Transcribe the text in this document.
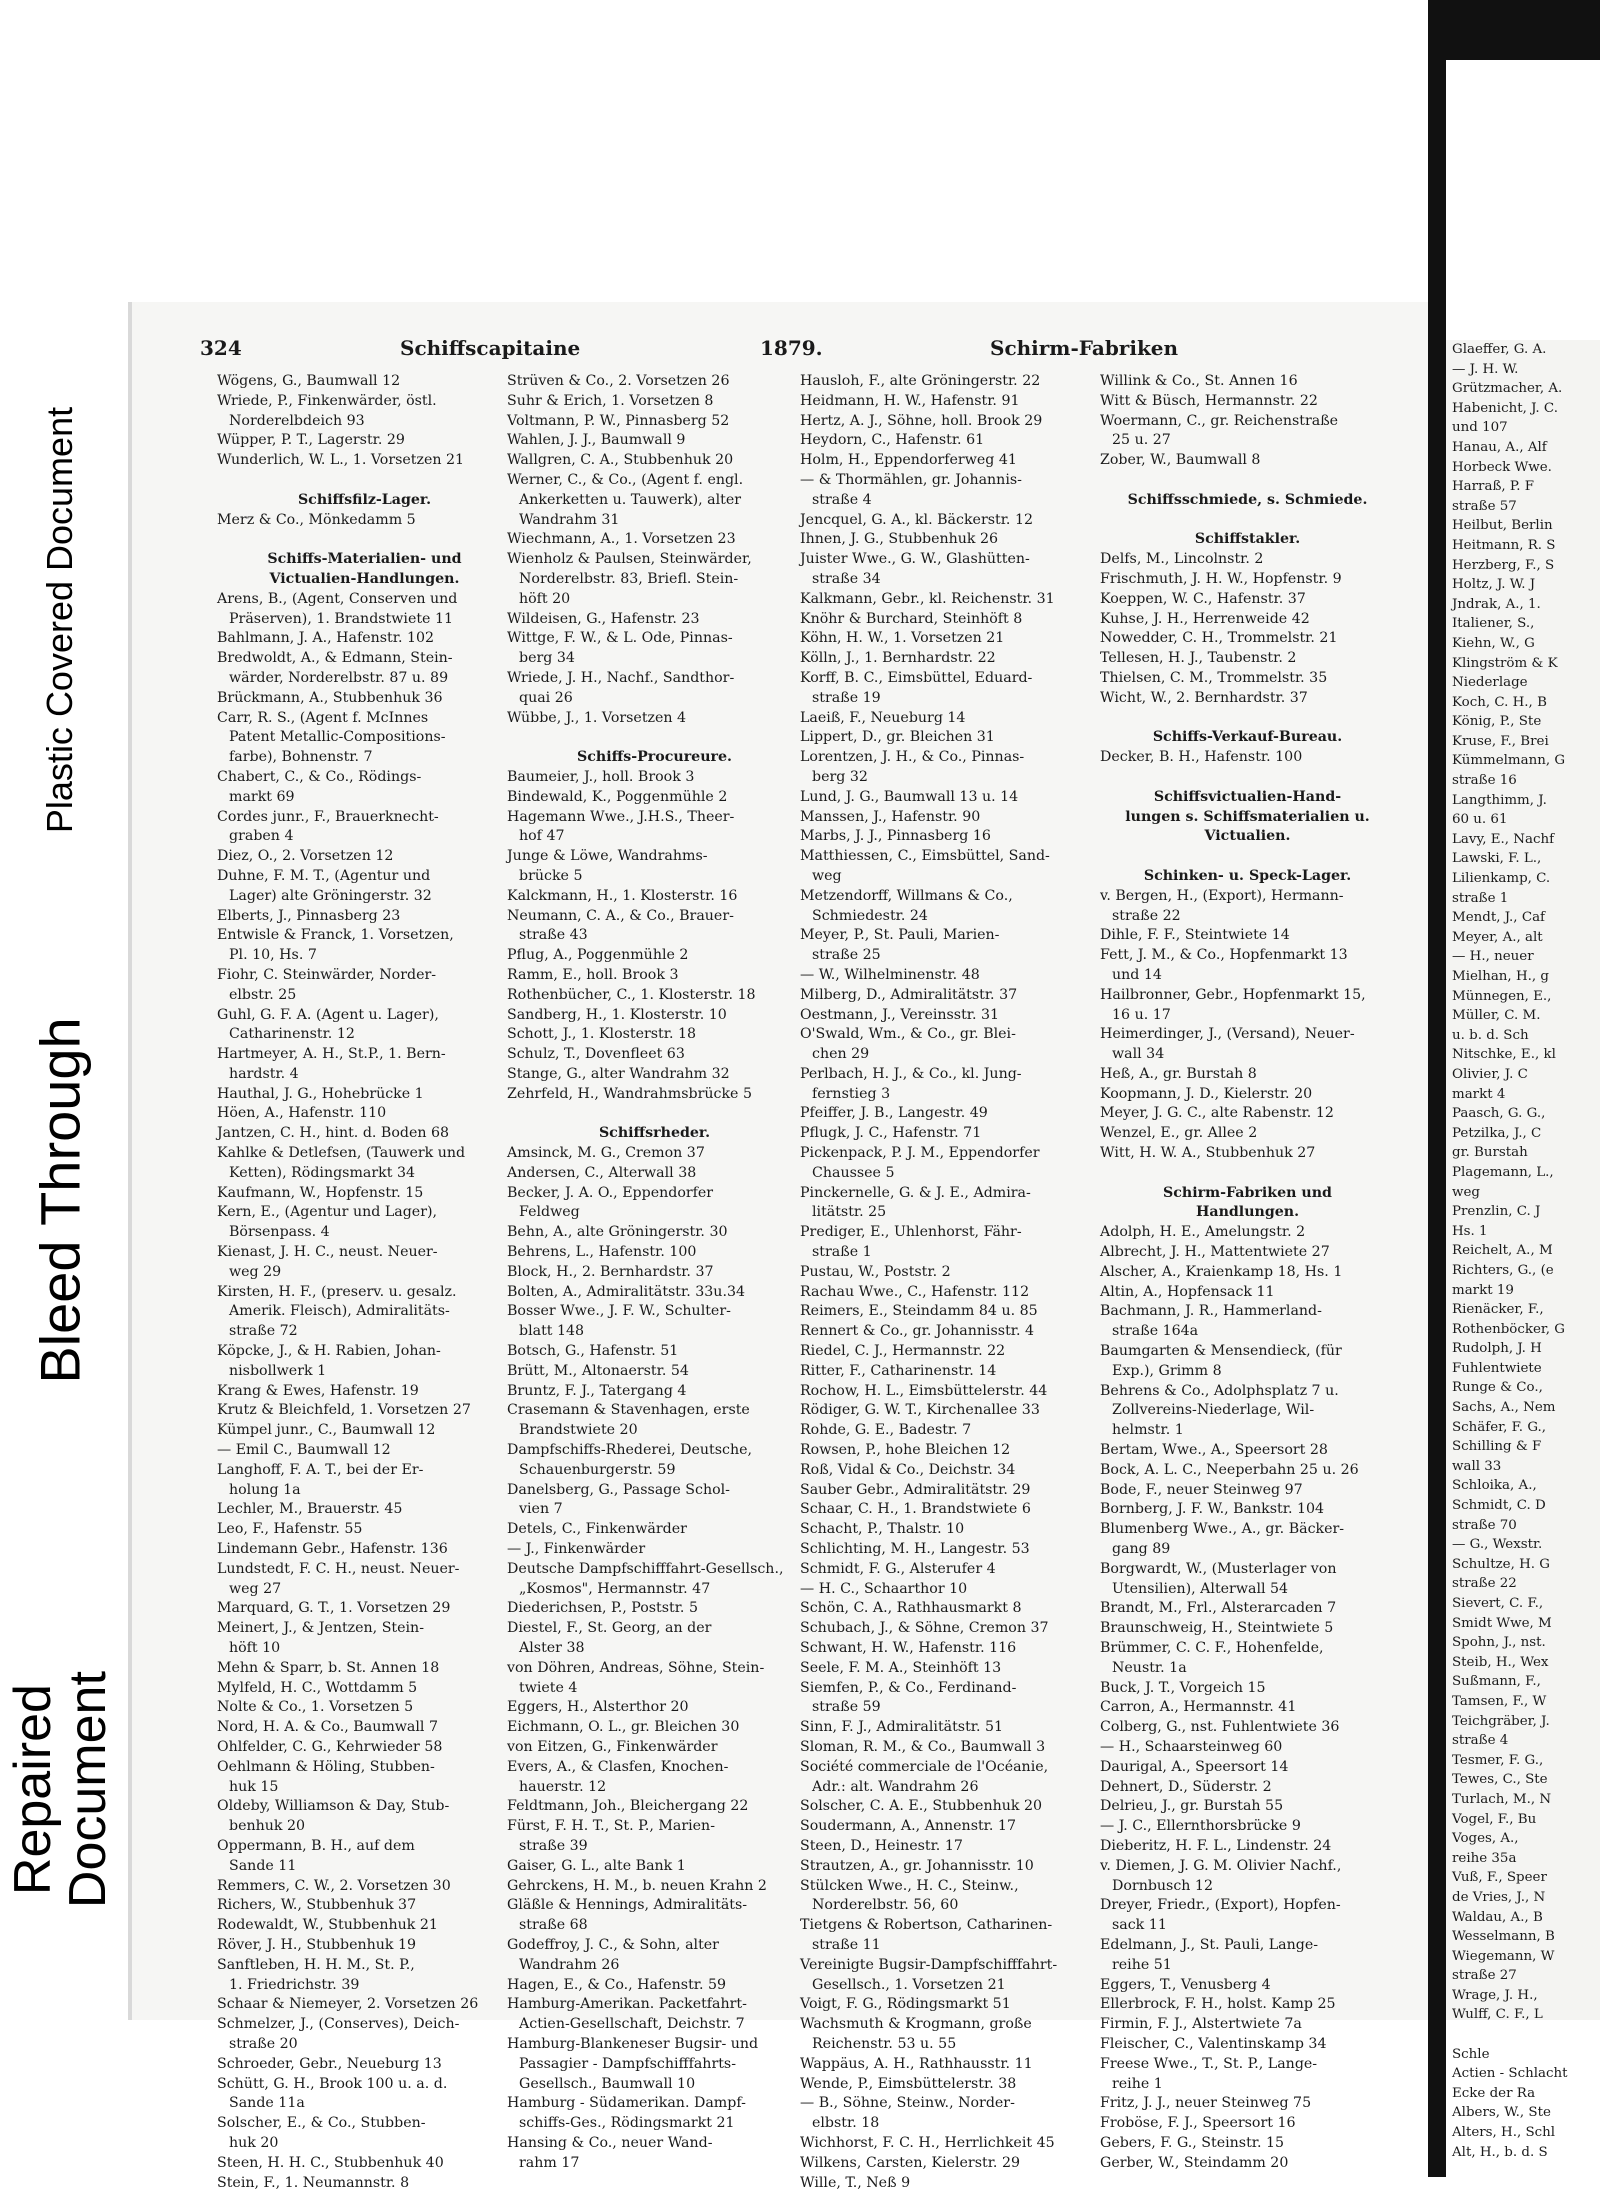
Plastic Covered Document
Bleed Through
Repaired
Document
Glaeffer, G. A.
— J. H. W.
Grützmacher, A.
Habenicht, J. C.
und 107
Hanau, A., Alf
Horbeck Wwe.
Harraß, P. F
straße 57
Heilbut, Berlin
Heitmann, R. S
Herzberg, F., S
Holtz, J. W. J
Jndrak, A., 1.
Italiener, S.,
Kiehn, W., G
Klingström & K
Niederlage
Koch, C. H., B
König, P., Ste
Kruse, F., Brei
Kümmelmann, G
straße 16
Langthimm, J.
60 u. 61
Lavy, E., Nachf
Lawski, F. L.,
Lilienkamp, C.
straße 1
Mendt, J., Caf
Meyer, A., alt
— H., neuer
Mielhan, H., g
Münnegen, E.,
Müller, C. M.
u. b. d. Sch
Nitschke, E., kl
Olivier, J. C
markt 4
Paasch, G. G.,
Petzilka, J., C
gr. Burstah
Plagemann, L.,
weg
Prenzlin, C. J
Hs. 1
Reichelt, A., M
Richters, G., (e
markt 19
Rienäcker, F.,
Rothenböcker, G
Rudolph, J. H
Fuhlentwiete
Runge & Co.,
Sachs, A., Nem
Schäfer, F. G.,
Schilling & F
wall 33
Schloika, A.,
Schmidt, C. D
straße 70
— G., Wexstr.
Schultze, H. G
straße 22
Sievert, C. F.,
Smidt Wwe, M
Spohn, J., nst.
Steib, H., Wex
Sußmann, F.,
Tamsen, F., W
Teichgräber, J.
straße 4
Tesmer, F. G.,
Tewes, C., Ste
Turlach, M., N
Vogel, F., Bu
Voges, A.,
reihe 35a
Vuß, F., Speer
de Vries, J., N
Waldau, A., B
Wesselmann, B
Wiegemann, W
straße 27
Wrage, J. H.,
Wulff, C. F., L

Schle
Actien - Schlacht
Ecke der Ra
Albers, W., Ste
Alters, H., Schl
Alt, H., b. d. S
324	Schiffscapitaine	1879.	Schirm-Fabriken
Wögens, G., Baumwall 12
Wriede, P., Finkenwärder, östl.
Norderelbdeich 93
Wüpper, P. T., Lagerstr. 29
Wunderlich, W. L., 1. Vorsetzen 21

Schiffsfilz-Lager.
Merz & Co., Mönkedamm 5

Schiffs-Materialien- und
Victualien-Handlungen.
Arens, B., (Agent, Conserven und
Präserven), 1. Brandstwiete 11
Bahlmann, J. A., Hafenstr. 102
Bredwoldt, A., & Edmann, Stein-
wärder, Norderelbstr. 87 u. 89
Brückmann, A., Stubbenhuk 36
Carr, R. S., (Agent f. McInnes
Patent Metallic-Compositions-
farbe), Bohnenstr. 7
Chabert, C., & Co., Rödings-
markt 69
Cordes junr., F., Brauerknecht-
graben 4
Diez, O., 2. Vorsetzen 12
Duhne, F. M. T., (Agentur und
Lager) alte Gröningerstr. 32
Elberts, J., Pinnasberg 23
Entwisle & Franck, 1. Vorsetzen,
Pl. 10, Hs. 7
Fiohr, C. Steinwärder, Norder-
elbstr. 25
Guhl, G. F. A. (Agent u. Lager),
Catharinenstr. 12
Hartmeyer, A. H., St.P., 1. Bern-
hardstr. 4
Hauthal, J. G., Hohebrücke 1
Höen, A., Hafenstr. 110
Jantzen, C. H., hint. d. Boden 68
Kahlke & Detlefsen, (Tauwerk und
Ketten), Rödingsmarkt 34
Kaufmann, W., Hopfenstr. 15
Kern, E., (Agentur und Lager),
Börsenpass. 4
Kienast, J. H. C., neust. Neuer-
weg 29
Kirsten, H. F., (preserv. u. gesalz.
Amerik. Fleisch), Admiralitäts-
straße 72
Köpcke, J., & H. Rabien, Johan-
nisbollwerk 1
Krang & Ewes, Hafenstr. 19
Krutz & Bleichfeld, 1. Vorsetzen 27
Kümpel junr., C., Baumwall 12
— Emil C., Baumwall 12
Langhoff, F. A. T., bei der Er-
holung 1a
Lechler, M., Brauerstr. 45
Leo, F., Hafenstr. 55
Lindemann Gebr., Hafenstr. 136
Lundstedt, F. C. H., neust. Neuer-
weg 27
Marquard, G. T., 1. Vorsetzen 29
Meinert, J., & Jentzen, Stein-
höft 10
Mehn & Sparr, b. St. Annen 18
Mylfeld, H. C., Wottdamm 5
Nolte & Co., 1. Vorsetzen 5
Nord, H. A. & Co., Baumwall 7
Ohlfelder, C. G., Kehrwieder 58
Oehlmann & Höling, Stubben-
huk 15
Oldeby, Williamson & Day, Stub-
benhuk 20
Oppermann, B. H., auf dem
Sande 11
Remmers, C. W., 2. Vorsetzen 30
Richers, W., Stubbenhuk 37
Rodewaldt, W., Stubbenhuk 21
Röver, J. H., Stubbenhuk 19
Sanftleben, H. H. M., St. P.,
1. Friedrichstr. 39
Schaar & Niemeyer, 2. Vorsetzen 26
Schmelzer, J., (Conserves), Deich-
straße 20
Schroeder, Gebr., Neueburg 13
Schütt, G. H., Brook 100 u. a. d.
Sande 11a
Solscher, E., & Co., Stubben-
huk 20
Steen, H. H. C., Stubbenhuk 40
Stein, F., 1. Neumannstr. 8
Strüven & Co., 2. Vorsetzen 26
Suhr & Erich, 1. Vorsetzen 8
Voltmann, P. W., Pinnasberg 52
Wahlen, J. J., Baumwall 9
Wallgren, C. A., Stubbenhuk 20
Werner, C., & Co., (Agent f. engl.
Ankerketten u. Tauwerk), alter
Wandrahm 31
Wiechmann, A., 1. Vorsetzen 23
Wienholz & Paulsen, Steinwärder,
Norderelbstr. 83, Briefl. Stein-
höft 20
Wildeisen, G., Hafenstr. 23
Wittge, F. W., & L. Ode, Pinnas-
berg 34
Wriede, J. H., Nachf., Sandthor-
quai 26
Wübbe, J., 1. Vorsetzen 4

Schiffs-Procureure.
Baumeier, J., holl. Brook 3
Bindewald, K., Poggenmühle 2
Hagemann Wwe., J.H.S., Theer-
hof 47
Junge & Löwe, Wandrahms-
brücke 5
Kalckmann, H., 1. Klosterstr. 16
Neumann, C. A., & Co., Brauer-
straße 43
Pflug, A., Poggenmühle 2
Ramm, E., holl. Brook 3
Rothenbücher, C., 1. Klosterstr. 18
Sandberg, H., 1. Klosterstr. 10
Schott, J., 1. Klosterstr. 18
Schulz, T., Dovenfleet 63
Stange, G., alter Wandrahm 32
Zehrfeld, H., Wandrahmsbrücke 5

Schiffsrheder.
Amsinck, M. G., Cremon 37
Andersen, C., Alterwall 38
Becker, J. A. O., Eppendorfer
Feldweg
Behn, A., alte Gröningerstr. 30
Behrens, L., Hafenstr. 100
Block, H., 2. Bernhardstr. 37
Bolten, A., Admiralitätstr. 33u.34
Bosser Wwe., J. F. W., Schulter-
blatt 148
Botsch, G., Hafenstr. 51
Brütt, M., Altonaerstr. 54
Bruntz, F. J., Tatergang 4
Crasemann & Stavenhagen, erste
Brandstwiete 20
Dampfschiffs-Rhederei, Deutsche,
Schauenburgerstr. 59
Danelsberg, G., Passage Schol-
vien 7
Detels, C., Finkenwärder
— J., Finkenwärder
Deutsche Dampfschifffahrt-Gesellsch.,
„Kosmos", Hermannstr. 47
Diederichsen, P., Poststr. 5
Diestel, F., St. Georg, an der
Alster 38
von Döhren, Andreas, Söhne, Stein-
twiete 4
Eggers, H., Alsterthor 20
Eichmann, O. L., gr. Bleichen 30
von Eitzen, G., Finkenwärder
Evers, A., & Clasfen, Knochen-
hauerstr. 12
Feldtmann, Joh., Bleichergang 22
Fürst, F. H. T., St. P., Marien-
straße 39
Gaiser, G. L., alte Bank 1
Gehrckens, H. M., b. neuen Krahn 2
Gläßle & Hennings, Admiralitäts-
straße 68
Godeffroy, J. C., & Sohn, alter
Wandrahm 26
Hagen, E., & Co., Hafenstr. 59
Hamburg-Amerikan. Packetfahrt-
Actien-Gesellschaft, Deichstr. 7
Hamburg-Blankeneser Bugsir- und
Passagier - Dampfschifffahrts-
Gesellsch., Baumwall 10
Hamburg - Südamerikan. Dampf-
schiffs-Ges., Rödingsmarkt 21
Hansing & Co., neuer Wand-
rahm 17
Hausloh, F., alte Gröningerstr. 22
Heidmann, H. W., Hafenstr. 91
Hertz, A. J., Söhne, holl. Brook 29
Heydorn, C., Hafenstr. 61
Holm, H., Eppendorferweg 41
— & Thormählen, gr. Johannis-
straße 4
Jencquel, G. A., kl. Bäckerstr. 12
Ihnen, J. G., Stubbenhuk 26
Juister Wwe., G. W., Glashütten-
straße 34
Kalkmann, Gebr., kl. Reichenstr. 31
Knöhr & Burchard, Steinhöft 8
Köhn, H. W., 1. Vorsetzen 21
Kölln, J., 1. Bernhardstr. 22
Korff, B. C., Eimsbüttel, Eduard-
straße 19
Laeiß, F., Neueburg 14
Lippert, D., gr. Bleichen 31
Lorentzen, J. H., & Co., Pinnas-
berg 32
Lund, J. G., Baumwall 13 u. 14
Manssen, J., Hafenstr. 90
Marbs, J. J., Pinnasberg 16
Matthiessen, C., Eimsbüttel, Sand-
weg
Metzendorff, Willmans & Co.,
Schmiedestr. 24
Meyer, P., St. Pauli, Marien-
straße 25
— W., Wilhelminenstr. 48
Milberg, D., Admiralitätstr. 37
Oestmann, J., Vereinsstr. 31
O'Swald, Wm., & Co., gr. Blei-
chen 29
Perlbach, H. J., & Co., kl. Jung-
fernstieg 3
Pfeiffer, J. B., Langestr. 49
Pflugk, J. C., Hafenstr. 71
Pickenpack, P. J. M., Eppendorfer
Chaussee 5
Pinckernelle, G. & J. E., Admira-
litätstr. 25
Prediger, E., Uhlenhorst, Fähr-
straße 1
Pustau, W., Poststr. 2
Rachau Wwe., C., Hafenstr. 112
Reimers, E., Steindamm 84 u. 85
Rennert & Co., gr. Johannisstr. 4
Riedel, C. J., Hermannstr. 22
Ritter, F., Catharinenstr. 14
Rochow, H. L., Eimsbüttelerstr. 44
Rödiger, G. W. T., Kirchenallee 33
Rohde, G. E., Badestr. 7
Rowsen, P., hohe Bleichen 12
Roß, Vidal & Co., Deichstr. 34
Sauber Gebr., Admiralitätstr. 29
Schaar, C. H., 1. Brandstwiete 6
Schacht, P., Thalstr. 10
Schlichting, M. H., Langestr. 53
Schmidt, F. G., Alsterufer 4
— H. C., Schaarthor 10
Schön, C. A., Rathhausmarkt 8
Schubach, J., & Söhne, Cremon 37
Schwant, H. W., Hafenstr. 116
Seele, F. M. A., Steinhöft 13
Siemfen, P., & Co., Ferdinand-
straße 59
Sinn, F. J., Admiralitätstr. 51
Sloman, R. M., & Co., Baumwall 3
Société commerciale de l'Océanie,
Adr.: alt. Wandrahm 26
Solscher, C. A. E., Stubbenhuk 20
Soudermann, A., Annenstr. 17
Steen, D., Heinestr. 17
Strautzen, A., gr. Johannisstr. 10
Stülcken Wwe., H. C., Steinw.,
Norderelbstr. 56, 60
Tietgens & Robertson, Catharinen-
straße 11
Vereinigte Bugsir-Dampfschifffahrt-
Gesellsch., 1. Vorsetzen 21
Voigt, F. G., Rödingsmarkt 51
Wachsmuth & Krogmann, große
Reichenstr. 53 u. 55
Wappäus, A. H., Rathhausstr. 11
Wende, P., Eimsbüttelerstr. 38
— B., Söhne, Steinw., Norder-
elbstr. 18
Wichhorst, F. C. H., Herrlichkeit 45
Wilkens, Carsten, Kielerstr. 29
Wille, T., Neß 9
Willink & Co., St. Annen 16
Witt & Büsch, Hermannstr. 22
Woermann, C., gr. Reichenstraße
25 u. 27
Zober, W., Baumwall 8

Schiffsschmiede, s. Schmiede.

Schiffstakler.
Delfs, M., Lincolnstr. 2
Frischmuth, J. H. W., Hopfenstr. 9
Koeppen, W. C., Hafenstr. 37
Kuhse, J. H., Herrenweide 42
Nowedder, C. H., Trommelstr. 21
Tellesen, H. J., Taubenstr. 2
Thielsen, C. M., Trommelstr. 35
Wicht, W., 2. Bernhardstr. 37

Schiffs-Verkauf-Bureau.
Decker, B. H., Hafenstr. 100

Schiffsvictualien-Hand-
lungen s. Schiffsmaterialien u.
Victualien.

Schinken- u. Speck-Lager.
v. Bergen, H., (Export), Hermann-
straße 22
Dihle, F. F., Steintwiete 14
Fett, J. M., & Co., Hopfenmarkt 13
und 14
Hailbronner, Gebr., Hopfenmarkt 15,
16 u. 17
Heimerdinger, J., (Versand), Neuer-
wall 34
Heß, A., gr. Burstah 8
Koopmann, J. D., Kielerstr. 20
Meyer, J. G. C., alte Rabenstr. 12
Wenzel, E., gr. Allee 2
Witt, H. W. A., Stubbenhuk 27

Schirm-Fabriken und
Handlungen.
Adolph, H. E., Amelungstr. 2
Albrecht, J. H., Mattentwiete 27
Alscher, A., Kraienkamp 18, Hs. 1
Altin, A., Hopfensack 11
Bachmann, J. R., Hammerland-
straße 164a
Baumgarten & Mensendieck, (für
Exp.), Grimm 8
Behrens & Co., Adolphsplatz 7 u.
Zollvereins-Niederlage, Wil-
helmstr. 1
Bertam, Wwe., A., Speersort 28
Bock, A. L. C., Neeperbahn 25 u. 26
Bode, F., neuer Steinweg 97
Bornberg, J. F. W., Bankstr. 104
Blumenberg Wwe., A., gr. Bäcker-
gang 89
Borgwardt, W., (Musterlager von
Utensilien), Alterwall 54
Brandt, M., Frl., Alsterarcaden 7
Braunschweig, H., Steintwiete 5
Brümmer, C. C. F., Hohenfelde,
Neustr. 1a
Buck, J. T., Vorgeich 15
Carron, A., Hermannstr. 41
Colberg, G., nst. Fuhlentwiete 36
— H., Schaarsteinweg 60
Daurigal, A., Speersort 14
Dehnert, D., Süderstr. 2
Delrieu, J., gr. Burstah 55
— J. C., Ellernthorsbrücke 9
Dieberitz, H. F. L., Lindenstr. 24
v. Diemen, J. G. M. Olivier Nachf.,
Dornbusch 12
Dreyer, Friedr., (Export), Hopfen-
sack 11
Edelmann, J., St. Pauli, Lange-
reihe 51
Eggers, T., Venusberg 4
Ellerbrock, F. H., holst. Kamp 25
Firmin, F. J., Alstertwiete 7a
Fleischer, C., Valentinskamp 34
Freese Wwe., T., St. P., Lange-
reihe 1
Fritz, J. J., neuer Steinweg 75
Froböse, F. J., Speersort 16
Gebers, F. G., Steinstr. 15
Gerber, W., Steindamm 20
